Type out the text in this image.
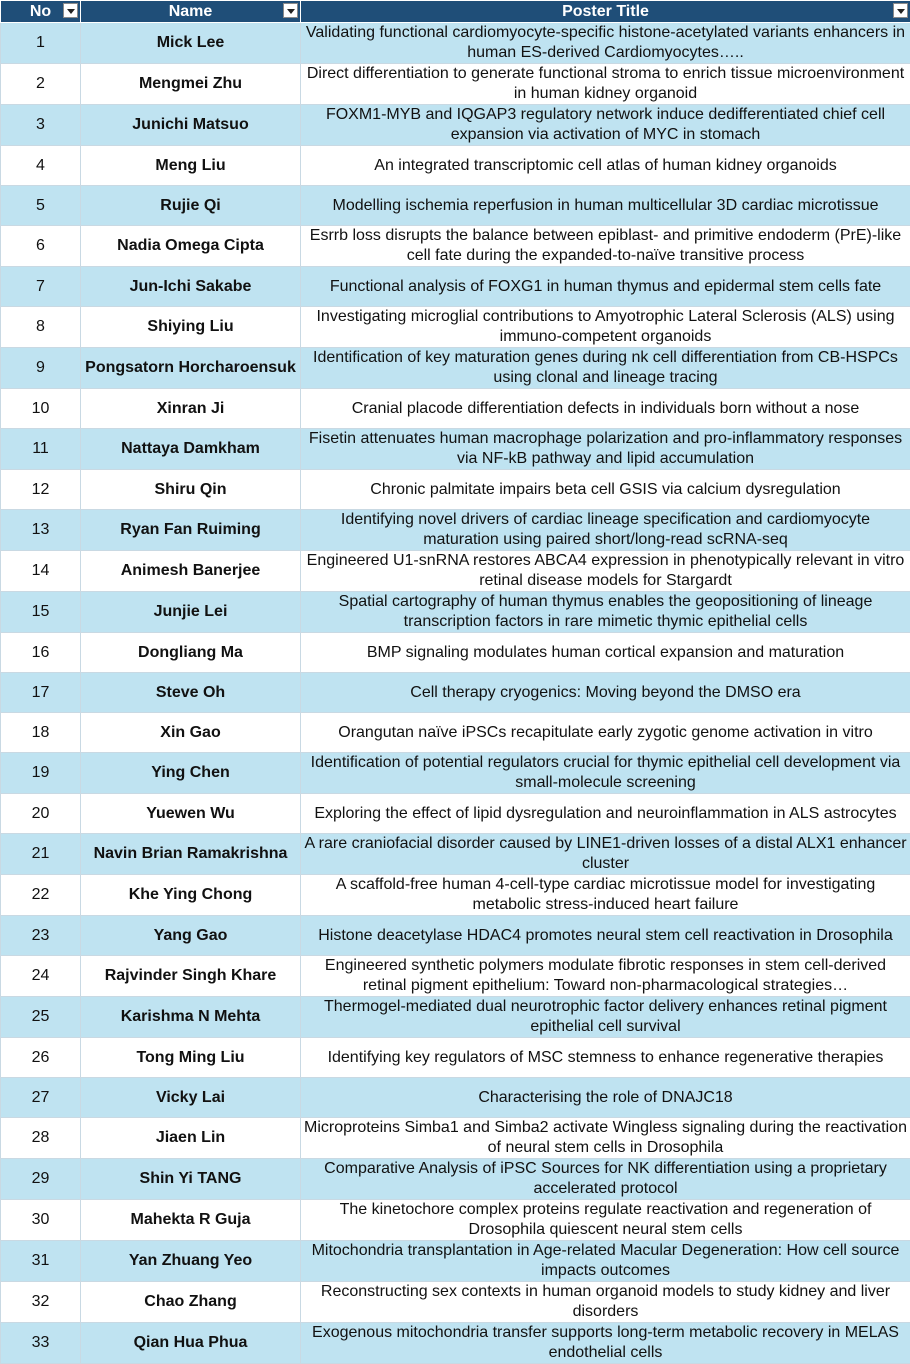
No	Name	Poster Title

1	Mick Lee	Validating functional cardiomyocyte-specific histone-acetylated variants enhancers in human ES-derived Cardiomyocytes…..
2	Mengmei Zhu	Direct differentiation to generate functional stroma to enrich tissue microenvironment in human kidney organoid
3	Junichi Matsuo	FOXM1-MYB and IQGAP3 regulatory network induce dedifferentiated chief cell expansion via activation of MYC in stomach
4	Meng Liu	An integrated transcriptomic cell atlas of human kidney organoids
5	Rujie Qi	Modelling ischemia reperfusion in human multicellular 3D cardiac microtissue
6	Nadia Omega Cipta	Esrrb loss disrupts the balance between epiblast- and primitive endoderm (PrE)-like cell fate during the expanded-to-naïve transitive process
7	Jun-Ichi Sakabe	Functional analysis of FOXG1 in human thymus and epidermal stem cells fate
8	Shiying Liu	Investigating microglial contributions to Amyotrophic Lateral Sclerosis (ALS) using immuno-competent organoids
9	Pongsatorn Horcharoensuk	Identification of key maturation genes during nk cell differentiation from CB-HSPCs using clonal and lineage tracing
10	Xinran Ji	Cranial placode differentiation defects in individuals born without a nose
11	Nattaya Damkham	Fisetin attenuates human macrophage polarization and pro-inflammatory responses via NF-kB pathway and lipid accumulation
12	Shiru Qin	Chronic palmitate impairs beta cell GSIS via calcium dysregulation
13	Ryan Fan Ruiming	Identifying novel drivers of cardiac lineage specification and cardiomyocyte maturation using paired short/long-read scRNA-seq
14	Animesh Banerjee	Engineered U1-snRNA restores ABCA4 expression in phenotypically relevant in vitro retinal disease models for Stargardt
15	Junjie Lei	Spatial cartography of human thymus enables the geopositioning of lineage transcription factors in rare mimetic thymic epithelial cells
16	Dongliang Ma	BMP signaling modulates human cortical expansion and maturation
17	Steve Oh	Cell therapy cryogenics: Moving beyond the DMSO era
18	Xin Gao	Orangutan naïve iPSCs recapitulate early zygotic genome activation in vitro
19	Ying Chen	Identification of potential regulators crucial for thymic epithelial cell development via small-molecule screening
20	Yuewen Wu	Exploring the effect of lipid dysregulation and neuroinflammation in ALS astrocytes
21	Navin Brian Ramakrishna	A rare craniofacial disorder caused by LINE1-driven losses of a distal ALX1 enhancer cluster
22	Khe Ying Chong	A scaffold-free human 4-cell-type cardiac microtissue model for investigating metabolic stress-induced heart failure
23	Yang Gao	Histone deacetylase HDAC4 promotes neural stem cell reactivation in Drosophila
24	Rajvinder Singh Khare	Engineered synthetic polymers modulate fibrotic responses in stem cell-derived retinal pigment epithelium: Toward non-pharmacological strategies…
25	Karishma N Mehta	Thermogel-mediated dual neurotrophic factor delivery enhances retinal pigment epithelial cell survival
26	Tong Ming Liu	Identifying key regulators of MSC stemness to enhance regenerative therapies
27	Vicky Lai	Characterising the role of DNAJC18
28	Jiaen Lin	Microproteins Simba1 and Simba2 activate Wingless signaling during the reactivation of neural stem cells in Drosophila
29	Shin Yi TANG	Comparative Analysis of iPSC Sources for NK differentiation using a proprietary accelerated protocol
30	Mahekta R Guja	The kinetochore complex proteins regulate reactivation and regeneration of Drosophila quiescent neural stem cells
31	Yan Zhuang Yeo	Mitochondria transplantation in Age-related Macular Degeneration: How cell source impacts outcomes
32	Chao Zhang	Reconstructing sex contexts in human organoid models to study kidney and liver disorders
33	Qian Hua Phua	Exogenous mitochondria transfer supports long-term metabolic recovery in MELAS endothelial cells
